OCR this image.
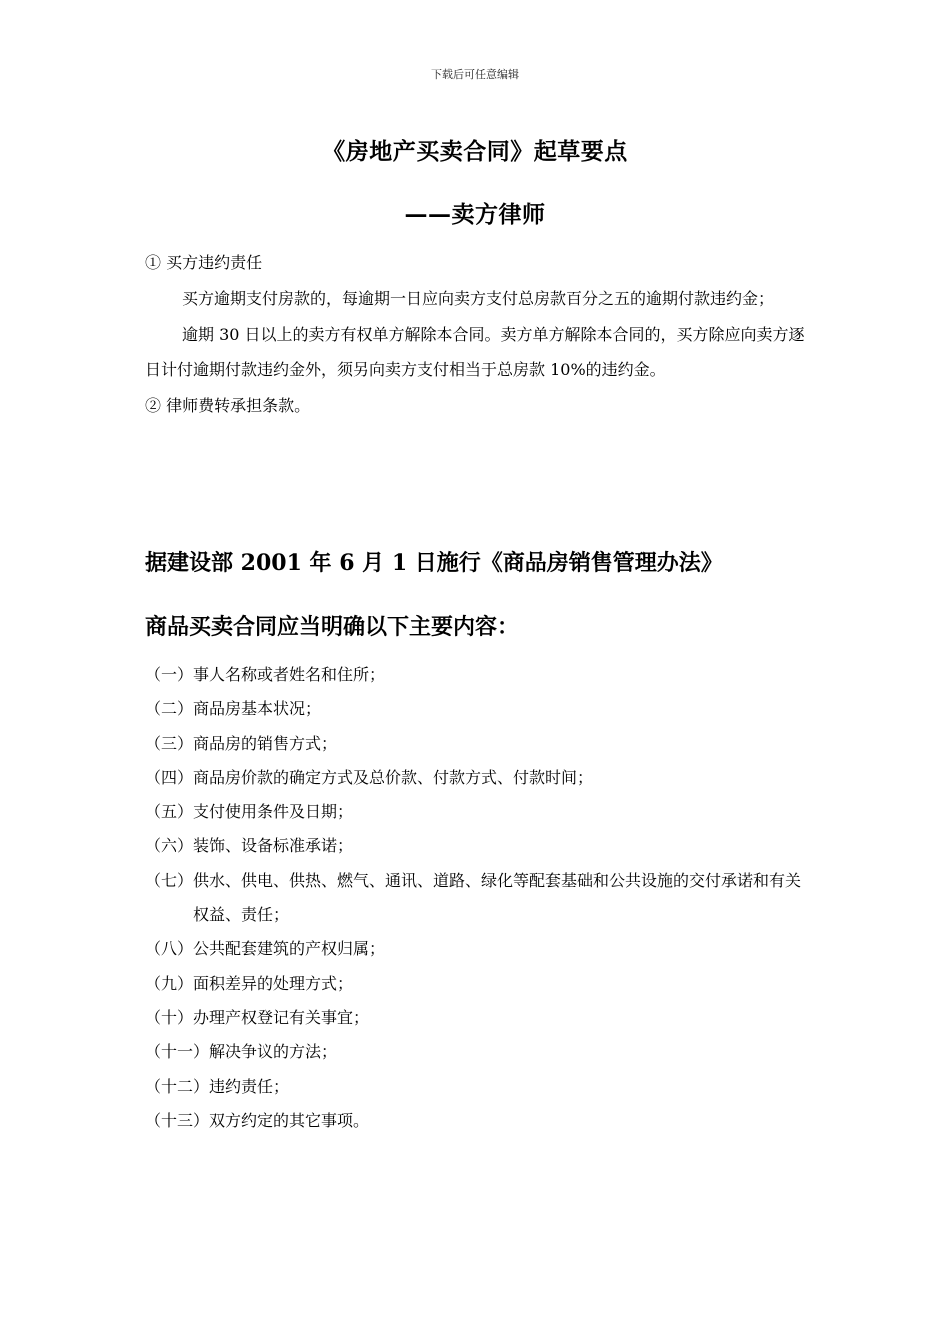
下载后可任意编辑
《房地产买卖合同》起草要点
——卖方律师

① 买方违约责任

买方逾期支付房款的，每逾期一日应向卖方支付总房款百分之五的逾期付款违约金；

逾期 30 日以上的卖方有权单方解除本合同。卖方单方解除本合同的，买方除应向卖方逐日计付逾期付款违约金外，须另向卖方支付相当于总房款 10%的违约金。

② 律师费转承担条款。

据建设部 2001 年 6 月 1 日施行《商品房销售管理办法》
商品买卖合同应当明确以下主要内容：
（一） 事人名称或者姓名和住所；
（二） 商品房基本状况；
（三） 商品房的销售方式；
（四） 商品房价款的确定方式及总价款、付款方式、付款时间；
（五） 支付使用条件及日期；
（六） 装饰、设备标准承诺；
（七） 供水、供电、供热、燃气、通讯、道路、绿化等配套基础和公共设施的交付承诺和有关权益、责任；
（八） 公共配套建筑的产权归属；
（九） 面积差异的处理方式；
（十） 办理产权登记有关事宜；
（十一） 解决争议的方法；
（十二） 违约责任；
（十三） 双方约定的其它事项。
